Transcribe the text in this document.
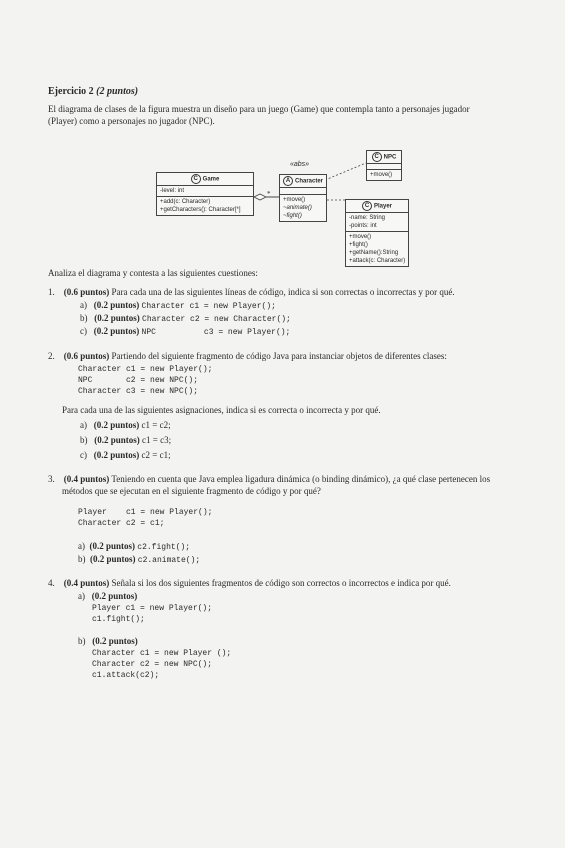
Ejercicio 2 (2 puntos)
El diagrama de clases de la figura muestra un diseño para un juego (Game) que contempla tanto a personajes jugador
(Player) como a personajes no jugador (NPC).
«abs»
*
C Game
-level: int
+add(c: Character)
+getCharacters(): Character[*]
A Character
+move()
~animate()
~fight()
C NPC
+move()
C Player
-name: String
-points: int
+move()
+fight()
+getName():String
+attack(c: Character)
Analiza el diagrama y contesta a las siguientes cuestiones:
1. (0.6 puntos) Para cada una de las siguientes líneas de código, indica si son correctas o incorrectas y por qué.
a) (0.2 puntos) Character c1 = new Player();
b) (0.2 puntos) Character c2 = new Character();
c) (0.2 puntos) NPC          c3 = new Player();
2. (0.6 puntos) Partiendo del siguiente fragmento de código Java para instanciar objetos de diferentes clases:
Character c1 = new Player();
NPC       c2 = new NPC();
Character c3 = new NPC();
Para cada una de las siguientes asignaciones, indica si es correcta o incorrecta y por qué.
a) (0.2 puntos) c1 = c2;
b) (0.2 puntos) c1 = c3;
c) (0.2 puntos) c2 = c1;
3. (0.4 puntos) Teniendo en cuenta que Java emplea ligadura dinámica (o binding dinámico), ¿a qué clase pertenecen los
métodos que se ejecutan en el siguiente fragmento de código y por qué?
Player    c1 = new Player();
Character c2 = c1;
a) (0.2 puntos) c2.fight();
b) (0.2 puntos) c2.animate();
4. (0.4 puntos) Señala si los dos siguientes fragmentos de código son correctos o incorrectos e indica por qué.
a) (0.2 puntos)
Player c1 = new Player();
c1.fight();
b) (0.2 puntos)
Character c1 = new Player ();
Character c2 = new NPC();
c1.attack(c2);
